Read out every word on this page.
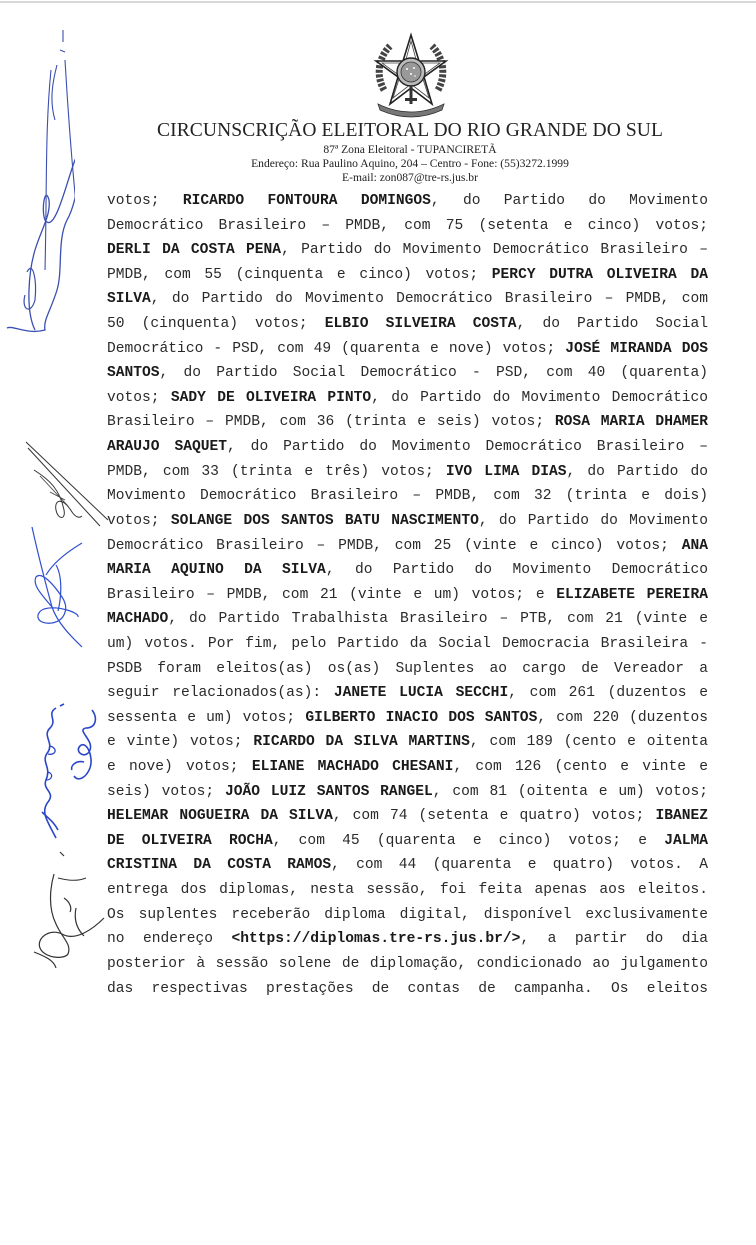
CIRCUNSCRIÇÃO ELEITORAL DO RIO GRANDE DO SUL
87ª Zona Eleitoral - TUPANCIRETÃ
Endereço: Rua Paulino Aquino, 204 – Centro - Fone: (55)3272.1999
E-mail: zon087@tre-rs.jus.br
votos; RICARDO FONTOURA DOMINGOS, do Partido do Movimento
Democrático Brasileiro – PMDB, com 75 (setenta e cinco) votos;
DERLI DA COSTA PENA, Partido do Movimento Democrático Brasileiro –
PMDB, com 55 (cinquenta e cinco) votos; PERCY DUTRA OLIVEIRA DA
SILVA, do Partido do Movimento Democrático Brasileiro – PMDB, com
50 (cinquenta) votos; ELBIO SILVEIRA COSTA, do Partido Social
Democrático - PSD, com 49 (quarenta e nove) votos; JOSÉ MIRANDA DOS
SANTOS, do Partido Social Democrático - PSD, com 40 (quarenta)
votos; SADY DE OLIVEIRA PINTO, do Partido do Movimento Democrático
Brasileiro – PMDB, com 36 (trinta e seis) votos; ROSA MARIA DHAMER
ARAUJO SAQUET, do Partido do Movimento Democrático Brasileiro –
PMDB, com 33 (trinta e três) votos; IVO LIMA DIAS, do Partido do
Movimento Democrático Brasileiro – PMDB, com 32 (trinta e dois)
votos; SOLANGE DOS SANTOS BATU NASCIMENTO, do Partido do Movimento
Democrático Brasileiro – PMDB, com 25 (vinte e cinco) votos; ANA
MARIA AQUINO DA SILVA, do Partido do Movimento Democrático
Brasileiro – PMDB, com 21 (vinte e um) votos; e ELIZABETE PEREIRA
MACHADO, do Partido Trabalhista Brasileiro – PTB, com 21 (vinte e
um) votos. Por fim, pelo Partido da Social Democracia Brasileira -
PSDB foram eleitos(as) os(as) Suplentes ao cargo de Vereador a
seguir relacionados(as): JANETE LUCIA SECCHI, com 261 (duzentos e
sessenta e um) votos; GILBERTO INACIO DOS SANTOS, com 220 (duzentos
e vinte) votos; RICARDO DA SILVA MARTINS, com 189 (cento e oitenta
e nove) votos; ELIANE MACHADO CHESANI, com 126 (cento e vinte e
seis) votos; JOÃO LUIZ SANTOS RANGEL, com 81 (oitenta e um) votos;
HELEMAR NOGUEIRA DA SILVA, com 74 (setenta e quatro) votos; IBANEZ
DE OLIVEIRA ROCHA, com 45 (quarenta e cinco) votos; e JALMA
CRISTINA DA COSTA RAMOS, com 44 (quarenta e quatro) votos. A
entrega dos diplomas, nesta sessão, foi feita apenas aos eleitos.
Os suplentes receberão diploma digital, disponível exclusivamente
no endereço <https://diplomas.tre-rs.jus.br/>, a partir do dia
posterior à sessão solene de diplomação, condicionado ao julgamento
das respectivas prestações de contas de campanha. Os eleitos
